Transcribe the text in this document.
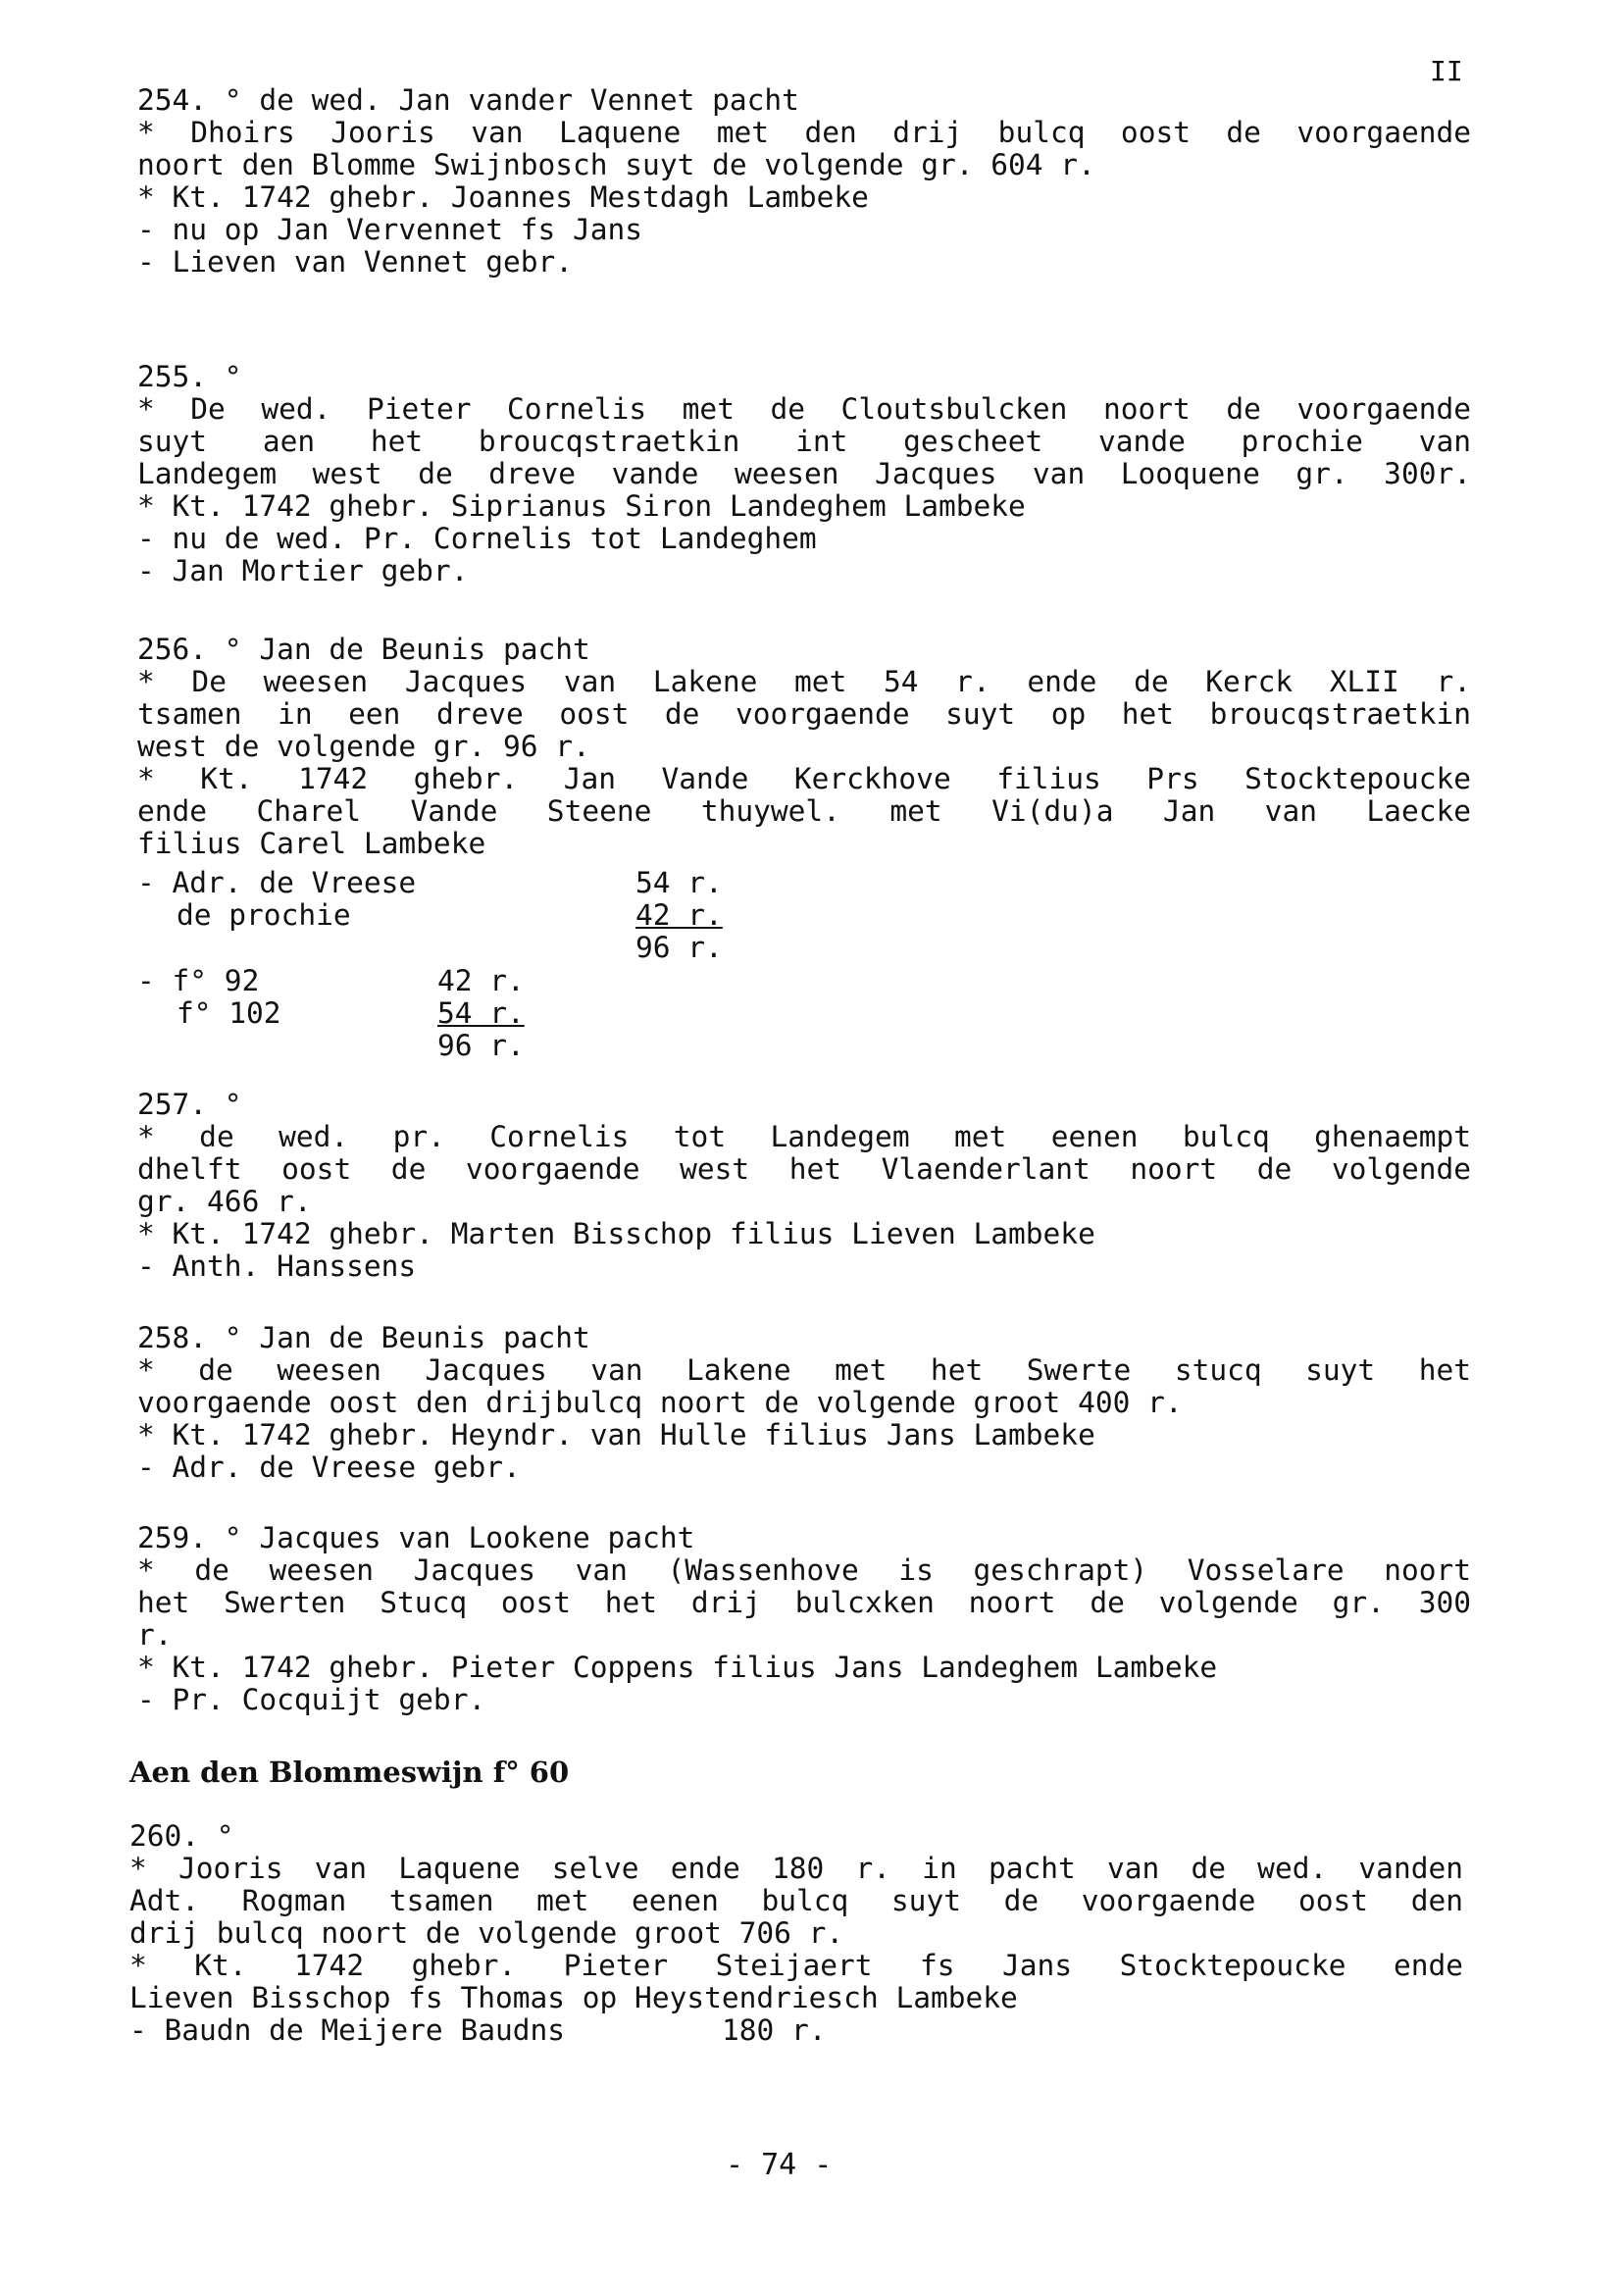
II
254. ° de wed. Jan vander Vennet pacht
* Dhoirs Jooris van Laquene met den drij bulcq oost de voorgaende
noort den Blomme Swijnbosch suyt de volgende gr. 604 r.
* Kt. 1742 ghebr. Joannes Mestdagh Lambeke
- nu op Jan Vervennet fs Jans
- Lieven van Vennet gebr.
255. °
* De wed. Pieter Cornelis met de Cloutsbulcken noort de voorgaende
suyt aen het broucqstraetkin int gescheet vande prochie van
Landegem west de dreve vande weesen Jacques van Looquene gr. 300r.
* Kt. 1742 ghebr. Siprianus Siron Landeghem Lambeke
- nu de wed. Pr. Cornelis tot Landeghem
- Jan Mortier gebr.
256. ° Jan de Beunis pacht
* De weesen Jacques van Lakene met 54 r. ende de Kerck XLII r.
tsamen in een dreve oost de voorgaende suyt op het broucqstraetkin
west de volgende gr. 96 r.
* Kt. 1742 ghebr. Jan Vande Kerckhove filius Prs Stocktepoucke
ende Charel Vande Steene thuywel. met Vi(du)a Jan van Laecke
filius Carel Lambeke
- Adr. de Vreese	54 r.
de prochie	42 r.
96 r.
- f° 92	42 r.
f° 102	54 r.
96 r.
257. °
* de wed. pr. Cornelis tot Landegem met eenen bulcq ghenaempt
dhelft oost de voorgaende west het Vlaenderlant noort de volgende
gr. 466 r.
* Kt. 1742 ghebr. Marten Bisschop filius Lieven Lambeke
- Anth. Hanssens
258. ° Jan de Beunis pacht
* de weesen Jacques van Lakene met het Swerte stucq suyt het
voorgaende oost den drijbulcq noort de volgende groot 400 r.
* Kt. 1742 ghebr. Heyndr. van Hulle filius Jans Lambeke
- Adr. de Vreese gebr.
259. ° Jacques van Lookene pacht
* de weesen Jacques van (Wassenhove is geschrapt) Vosselare noort
het Swerten Stucq oost het drij bulcxken noort de volgende gr. 300
r.
* Kt. 1742 ghebr. Pieter Coppens filius Jans Landeghem Lambeke
- Pr. Cocquijt gebr.
Aen den Blommeswijn f° 60
260. °
* Jooris van Laquene selve ende 180 r. in pacht van de wed. vanden
Adt. Rogman tsamen met eenen bulcq suyt de voorgaende oost den
drij bulcq noort de volgende groot 706 r.
* Kt. 1742 ghebr. Pieter Steijaert fs Jans Stocktepoucke ende
Lieven Bisschop fs Thomas op Heystendriesch Lambeke
- Baudn de Meijere Baudns	180 r.
- 74 -
